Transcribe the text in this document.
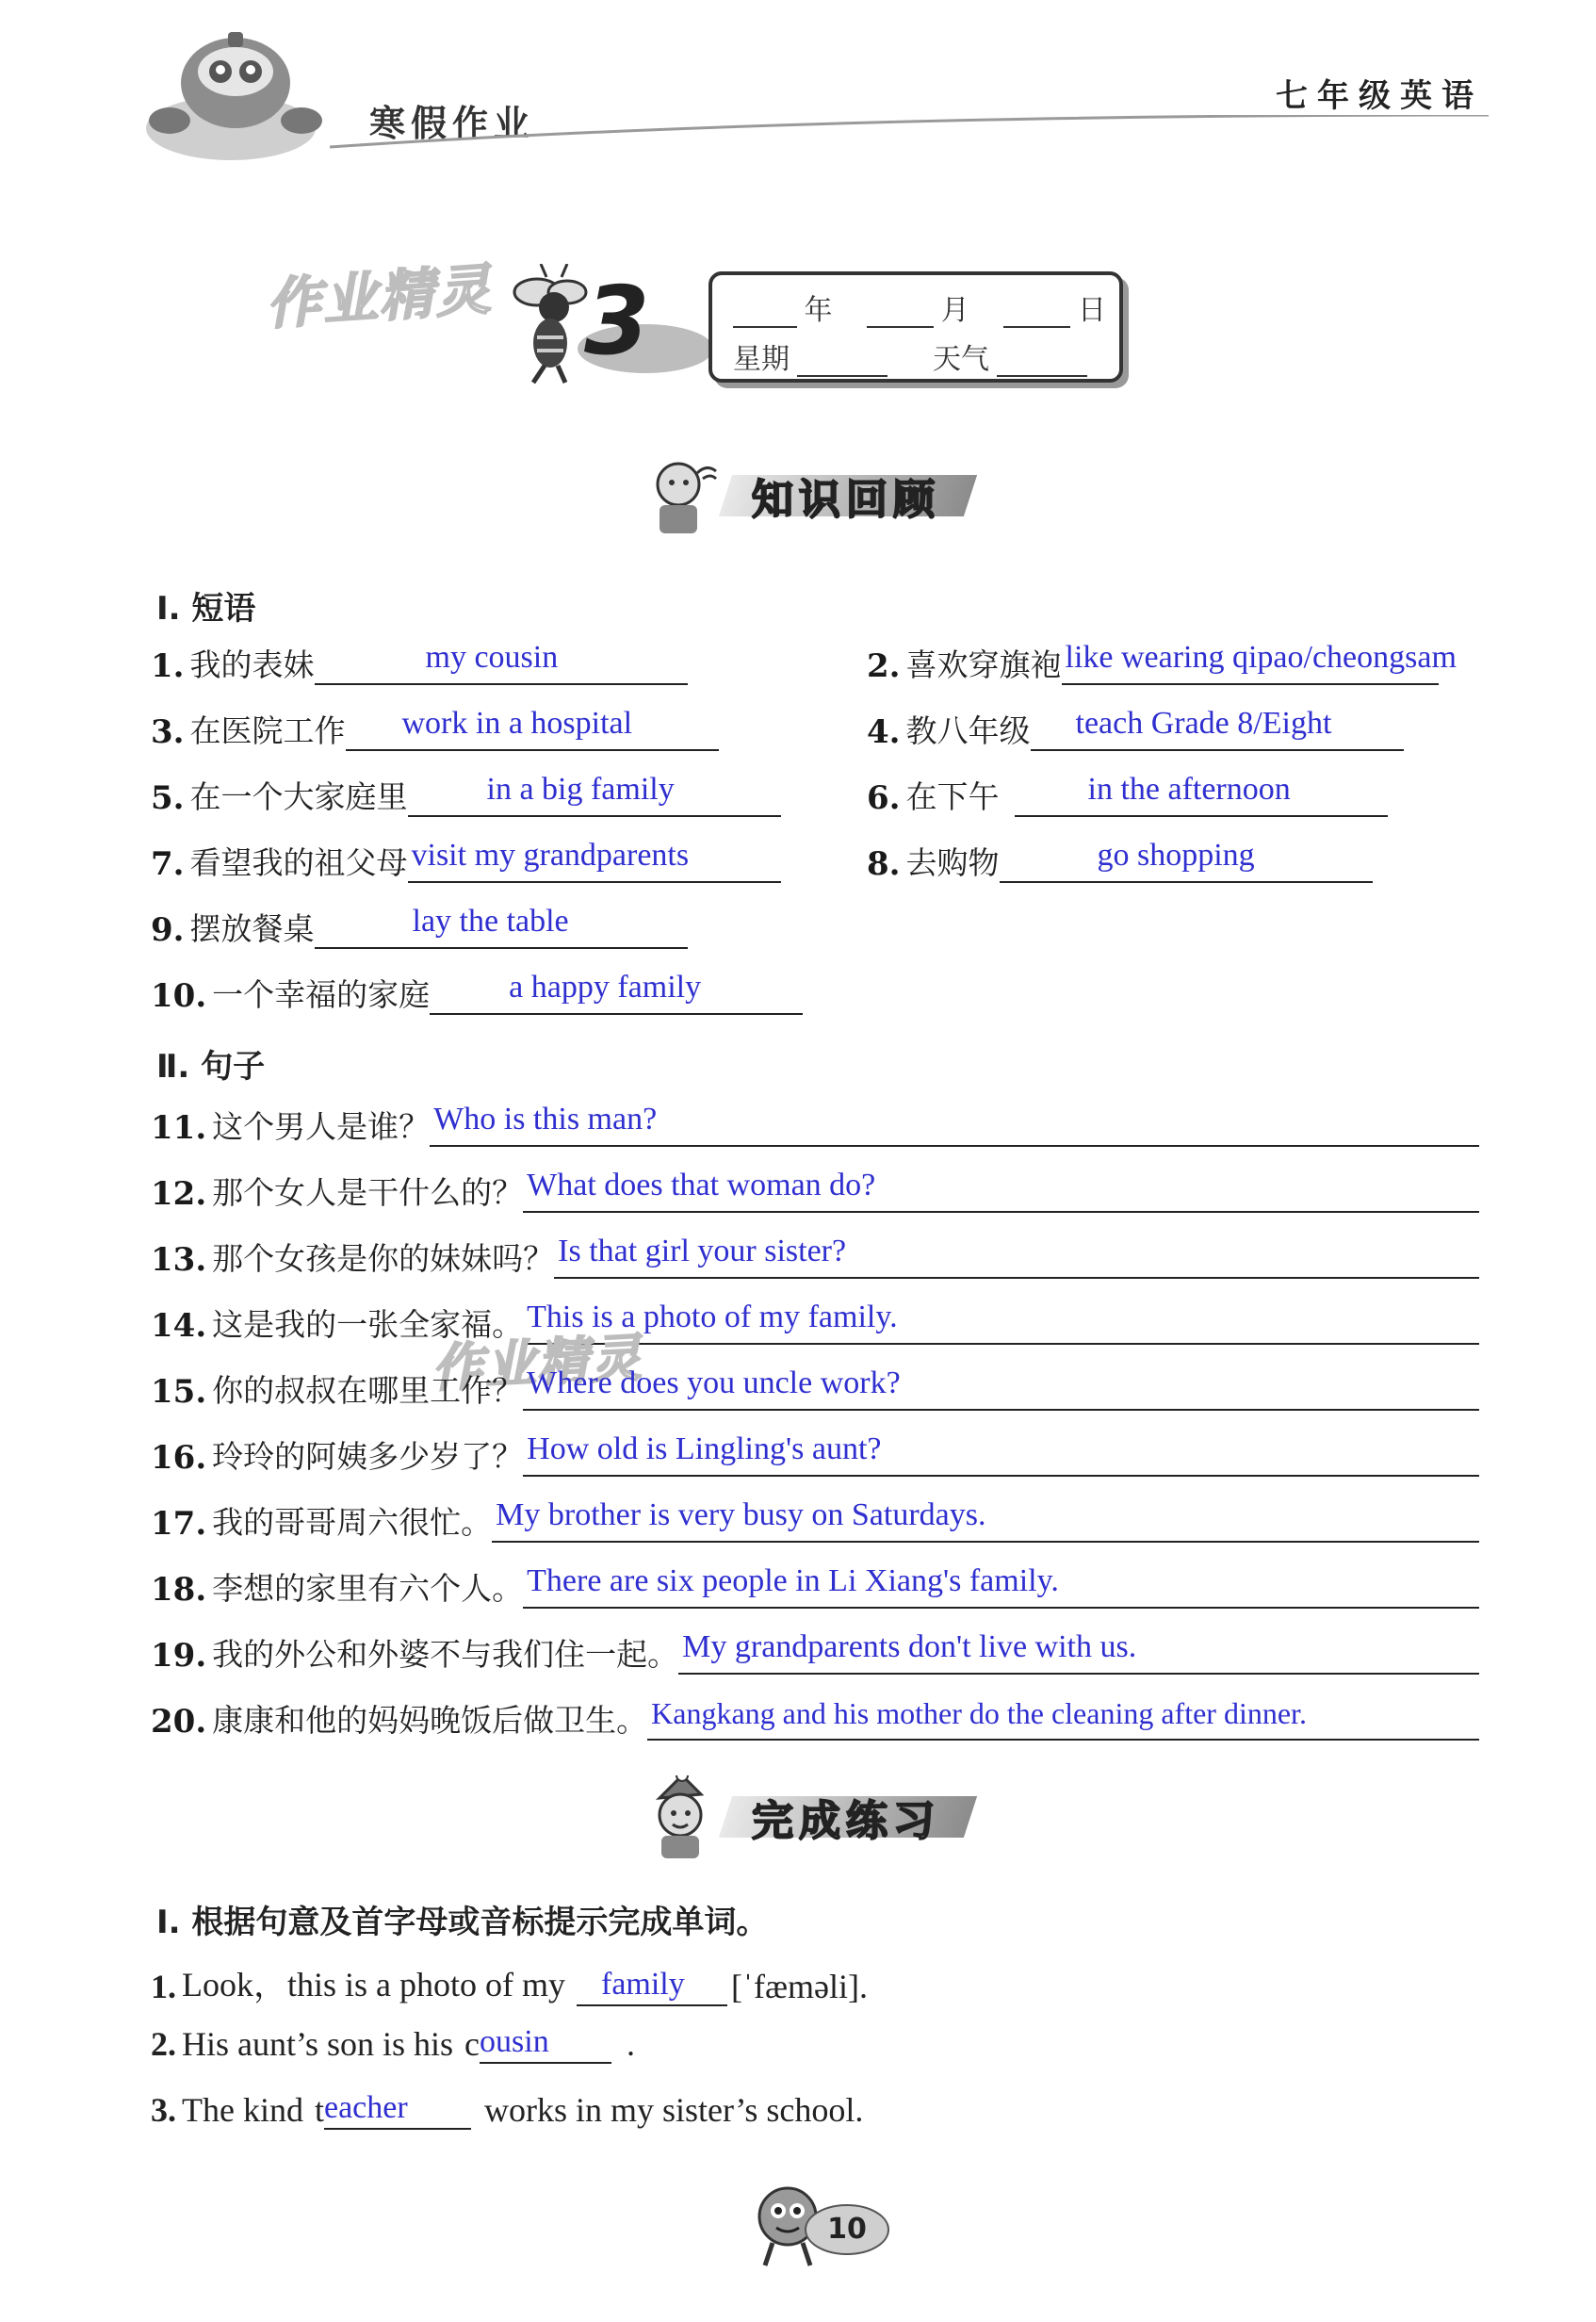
寒假作业
七年级英语
作业精灵 3	年	月	日
星期	天气
知识回顾
Ⅰ. 短语
1. 我的表妹	my cousin	2. 喜欢穿旗袍 like wearing qipao/cheongsam
3. 在医院工作 work in a hospital	4. 教八年级 teach Grade 8/Eight
5. 在一个大家庭里 in a big family	6. 在下午	in the afternoon
7. 看望我的祖父母 visit my grandparents	8. 去购物	go shopping
9. 摆放餐桌	lay the table
10. 一个幸福的家庭 a happy family
Ⅱ. 句子
11. 这个男人是谁？ Who is this man?
12. 那个女人是干什么的？ What does that woman do?
13. 那个女孩是你的妹妹吗？ Is that girl your sister?
14. 这是我的一张全家福。 This is a photo of my family.
作业精灵
15. 你的叔叔在哪里工作？ Where does you uncle work?
16. 玲玲的阿姨多少岁了？ How old is Lingling's aunt?
17. 我的哥哥周六很忙。 My brother is very busy on Saturdays.
18. 李想的家里有六个人。 There are six people in Li Xiang's family.
19. 我的外公和外婆不与我们住一起。 My grandparents don't live with us.
20. 康康和他的妈妈晚饭后做卫生。 Kangkang and his mother do the cleaning after dinner.
完成练习
Ⅰ. 根据句意及首字母或音标提示完成单词。
1. Look，this is a photo of my family [ˈfæməli].
2. His aunt’s son is his c ousin .
3. The kind t eacher works in my sister’s school.
10
